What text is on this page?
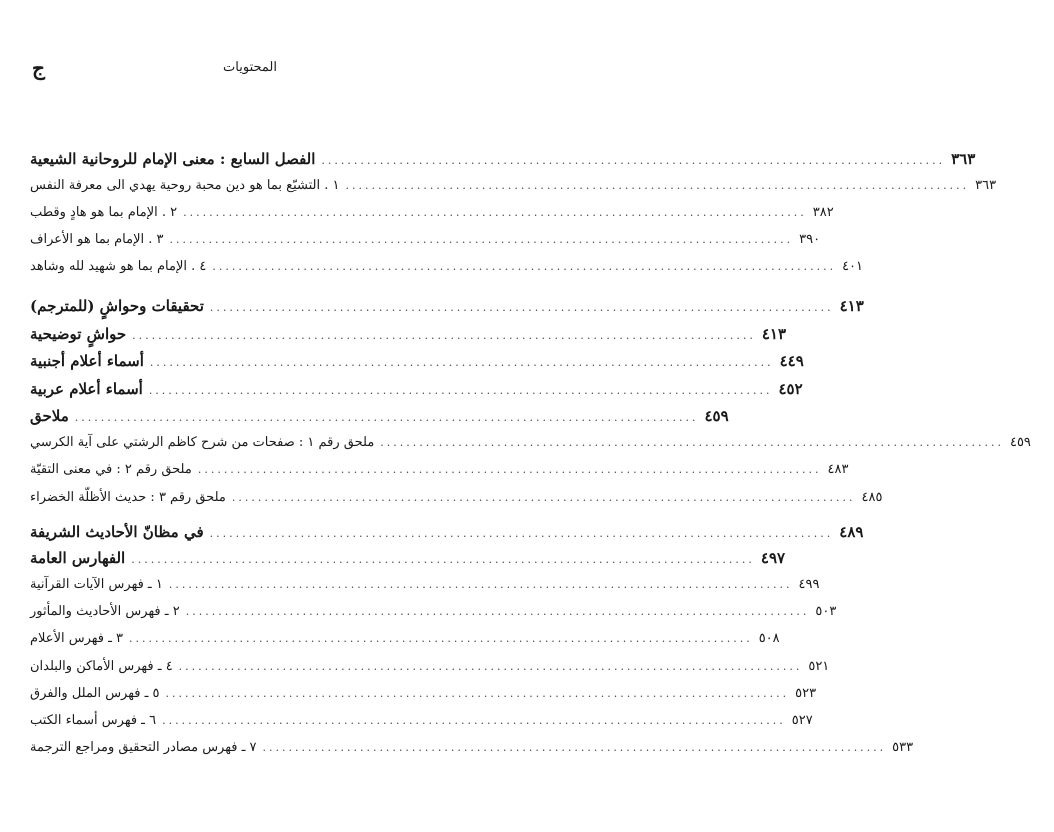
المحتويات
ج
الفصل السابع : معنى الإمام للروحانية الشيعية ................................................................................................ ٣٦٣
١ . التشيّع بما هو دين محبة روحية يهدي الى معرفة النفس ................................................................................................ ٣٦٣
٢ . الإمام بما هو هادٍ وقطب ................................................................................................ ٣٨٢
٣ . الإمام بما هو الأعراف ................................................................................................ ٣٩٠
٤ . الإمام بما هو شهيد لله وشاهد ................................................................................................ ٤٠١
تحقيقات وحواشٍ (للمترجم) ................................................................................................ ٤١٣
حواشٍ توضيحية ................................................................................................ ٤١٣
أسماء أعلام أجنبية ................................................................................................ ٤٤٩
أسماء أعلام عربية ................................................................................................ ٤٥٢
ملاحق ................................................................................................ ٤٥٩
ملحق رقم ١ : صفحات من شرح كاظم الرشتي على آية الكرسي ................................................................................................ ٤٥٩
ملحق رقم ٢ : في معنى التقيّة ................................................................................................ ٤٨٣
ملحق رقم ٣ : حديث الأظلّة الخضراء ................................................................................................ ٤٨٥
في مظانّ الأحاديث الشريفة ................................................................................................ ٤٨٩
الفهارس العامة ................................................................................................ ٤٩٧
١ ـ فهرس الآيات القرآنية ................................................................................................ ٤٩٩
٢ ـ فهرس الأحاديث والمأثور ................................................................................................ ٥٠٣
٣ ـ فهرس الأعلام ................................................................................................ ٥٠٨
٤ ـ فهرس الأماكن والبلدان ................................................................................................ ٥٢١
٥ ـ فهرس الملل والفرق ................................................................................................ ٥٢٣
٦ ـ فهرس أسماء الكتب ................................................................................................ ٥٢٧
٧ ـ فهرس مصادر التحقيق ومراجع الترجمة ................................................................................................ ٥٣٣
